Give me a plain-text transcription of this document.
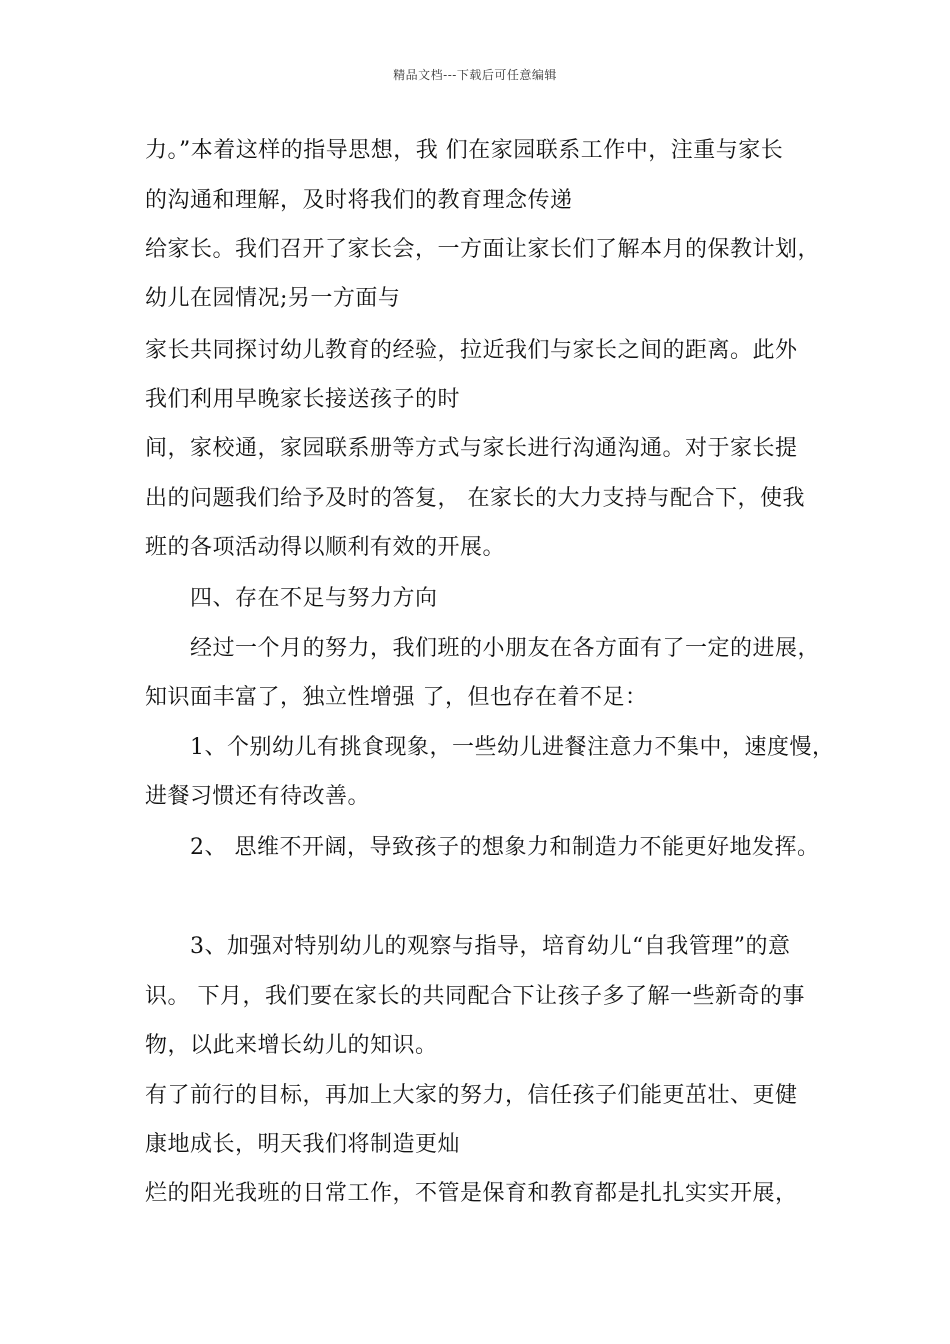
精品文档---下载后可任意编辑
力。”本着这样的指导思想，我 们在家园联系工作中，注重与家长
的沟通和理解，及时将我们的教育理念传递
给家长。我们召开了家长会，一方面让家长们了解本月的保教计划，
幼儿在园情况;另一方面与
家长共同探讨幼儿教育的经验，拉近我们与家长之间的距离。此外
我们利用早晚家长接送孩子的时
间，家校通，家园联系册等方式与家长进行沟通沟通。对于家长提
出的问题我们给予及时的答复， 在家长的大力支持与配合下，使我
班的各项活动得以顺利有效的开展。
四、存在不足与努力方向
经过一个月的努力，我们班的小朋友在各方面有了一定的进展，
知识面丰富了，独立性增强 了，但也存在着不足：
1、个别幼儿有挑食现象，一些幼儿进餐注意力不集中，速度慢，
进餐习惯还有待改善。
2、 思维不开阔，导致孩子的想象力和制造力不能更好地发挥。
3、加强对特别幼儿的观察与指导，培育幼儿“自我管理”的意
识。 下月，我们要在家长的共同配合下让孩子多了解一些新奇的事
物，以此来增长幼儿的知识。
有了前行的目标，再加上大家的努力，信任孩子们能更茁壮、更健
康地成长，明天我们将制造更灿
烂的阳光我班的日常工作，不管是保育和教育都是扎扎实实开展，
